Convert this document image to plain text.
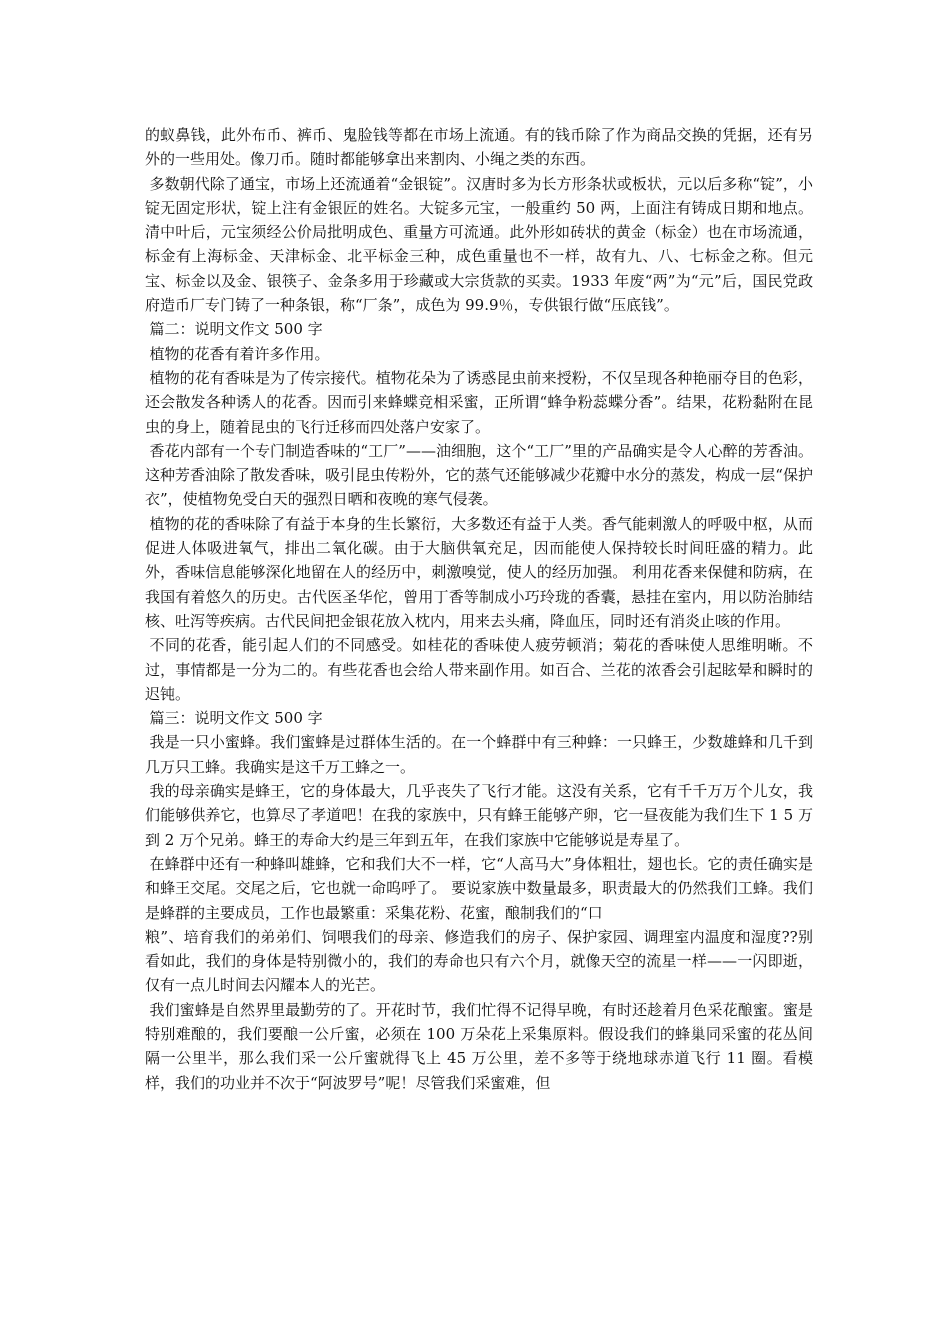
的蚁鼻钱，此外布币、裤币、鬼脸钱等都在市场上流通。有的钱币除了作为商品交换的凭据，还有另外的一些用处。像刀币。随时都能够拿出来割肉、小绳之类的东西。

多数朝代除了通宝，市场上还流通着“金银锭”。汉唐时多为长方形条状或板状，元以后多称“锭”，小锭无固定形状，锭上注有金银匠的姓名。大锭多元宝，一般重约 50 两，上面注有铸成日期和地点。清中叶后，元宝须经公价局批明成色、重量方可流通。此外形如砖状的黄金（标金）也在市场流通，标金有上海标金、天津标金、北平标金三种，成色重量也不一样，故有九、八、七标金之称。但元宝、标金以及金、银筷子、金条多用于珍藏或大宗货款的买卖。1933 年废“两”为“元”后，国民党政府造币厂专门铸了一种条银，称“厂条”，成色为 99.9％，专供银行做“压底钱”。

篇二：说明文作文 500 字

植物的花香有着许多作用。

植物的花有香味是为了传宗接代。植物花朵为了诱惑昆虫前来授粉，不仅呈现各种艳丽夺目的色彩，还会散发各种诱人的花香。因而引来蜂蝶竞相采蜜，正所谓“蜂争粉蕊蝶分香”。结果，花粉黏附在昆虫的身上，随着昆虫的飞行迁移而四处落户安家了。

香花内部有一个专门制造香味的“工厂”——油细胞，这个“工厂”里的产品确实是令人心醉的芳香油。这种芳香油除了散发香味，吸引昆虫传粉外，它的蒸气还能够减少花瓣中水分的蒸发，构成一层“保护衣”，使植物免受白天的强烈日晒和夜晚的寒气侵袭。

植物的花的香味除了有益于本身的生长繁衍，大多数还有益于人类。香气能刺激人的呼吸中枢，从而促进人体吸进氧气，排出二氧化碳。由于大脑供氧充足，因而能使人保持较长时间旺盛的精力。此外，香味信息能够深化地留在人的经历中，刺激嗅觉，使人的经历加强。 利用花香来保健和防病，在我国有着悠久的历史。古代医圣华佗，曾用丁香等制成小巧玲珑的香囊，悬挂在室内，用以防治肺结核、吐泻等疾病。古代民间把金银花放入枕内，用来去头痛，降血压，同时还有消炎止咳的作用。

不同的花香，能引起人们的不同感受。如桂花的香味使人疲劳顿消；菊花的香味使人思维明晰。不过，事情都是一分为二的。有些花香也会给人带来副作用。如百合、兰花的浓香会引起眩晕和瞬时的迟钝。

篇三：说明文作文 500 字

我是一只小蜜蜂。我们蜜蜂是过群体生活的。在一个蜂群中有三种蜂：一只蜂王，少数雄蜂和几千到几万只工蜂。我确实是这千万工蜂之一。

我的母亲确实是蜂王，它的身体最大，几乎丧失了飞行才能。这没有关系，它有千千万万个儿女，我们能够供养它，也算尽了孝道吧！在我的家族中，只有蜂王能够产卵，它一昼夜能为我们生下 1 5 万到 2 万个兄弟。蜂王的寿命大约是三年到五年，在我们家族中它能够说是寿星了。

在蜂群中还有一种蜂叫雄蜂，它和我们大不一样，它“人高马大”身体粗壮，翅也长。它的责任确实是和蜂王交尾。交尾之后，它也就一命呜呼了。 要说家族中数量最多，职责最大的仍然我们工蜂。我们是蜂群的主要成员，工作也最繁重：采集花粉、花蜜，酿制我们的“口

粮”、培育我们的弟弟们、饲喂我们的母亲、修造我们的房子、保护家园、调理室内温度和湿度??别看如此，我们的身体是特别微小的，我们的寿命也只有六个月，就像天空的流星一样——一闪即逝，仅有一点儿时间去闪耀本人的光芒。

我们蜜蜂是自然界里最勤劳的了。开花时节，我们忙得不记得早晚，有时还趁着月色采花酿蜜。蜜是特别难酿的，我们要酿一公斤蜜，必须在 100 万朵花上采集原料。假设我们的蜂巢同采蜜的花丛间隔一公里半，那么我们采一公斤蜜就得飞上 45 万公里，差不多等于绕地球赤道飞行 11 圈。看模样，我们的功业并不次于“阿波罗号”呢！尽管我们采蜜难，但
